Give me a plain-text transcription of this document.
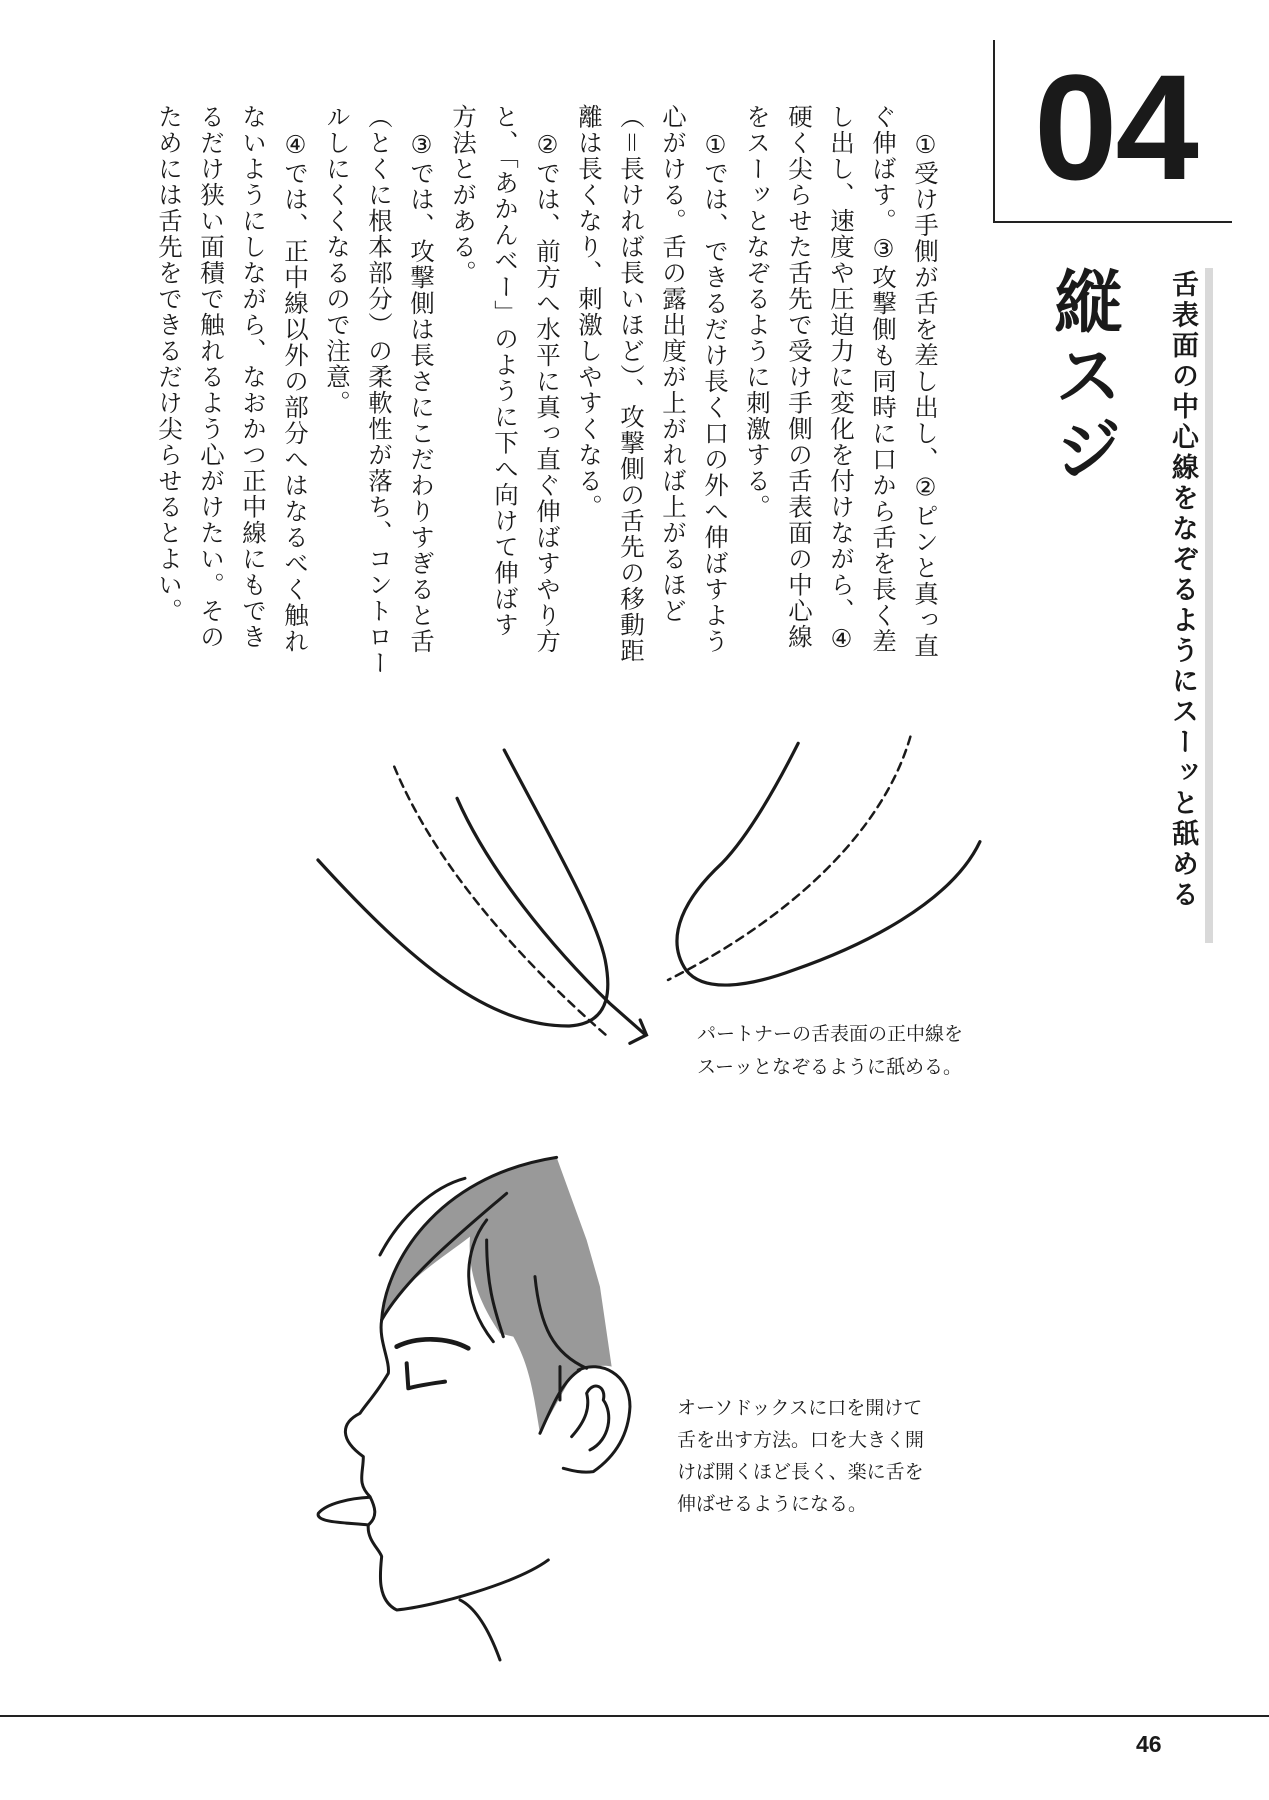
04
縦スジ 舌表面の中心線をなぞるようにスーッと舐める
　①受け手側が舌を差し出し、②ピンと真っ直
ぐ伸ばす。③攻撃側も同時に口から舌を長く差
し出し、速度や圧迫力に変化を付けながら、④
硬く尖らせた舌先で受け手側の舌表面の中心線
をスーッとなぞるように刺激する。
　①では、できるだけ長く口の外へ伸ばすよう
心がける。舌の露出度が上がれば上がるほど
（＝長ければ長いほど）、攻撃側の舌先の移動距
離は長くなり、刺激しやすくなる。
　②では、前方へ水平に真っ直ぐ伸ばすやり方
と、「あかんベー」のように下へ向けて伸ばす
方法とがある。
　③では、攻撃側は長さにこだわりすぎると舌
（とくに根本部分）の柔軟性が落ち、コントロー
ルしにくくなるので注意。
　④では、正中線以外の部分へはなるべく触れ
ないようにしながら、なおかつ正中線にもでき
るだけ狭い面積で触れるよう心がけたい。その
ためには舌先をできるだけ尖らせるとよい。
パートナーの舌表面の正中線を
スーッとなぞるように舐める。
オーソドックスに口を開けて
舌を出す方法。口を大きく開
けば開くほど長く、楽に舌を
伸ばせるようになる。
46
